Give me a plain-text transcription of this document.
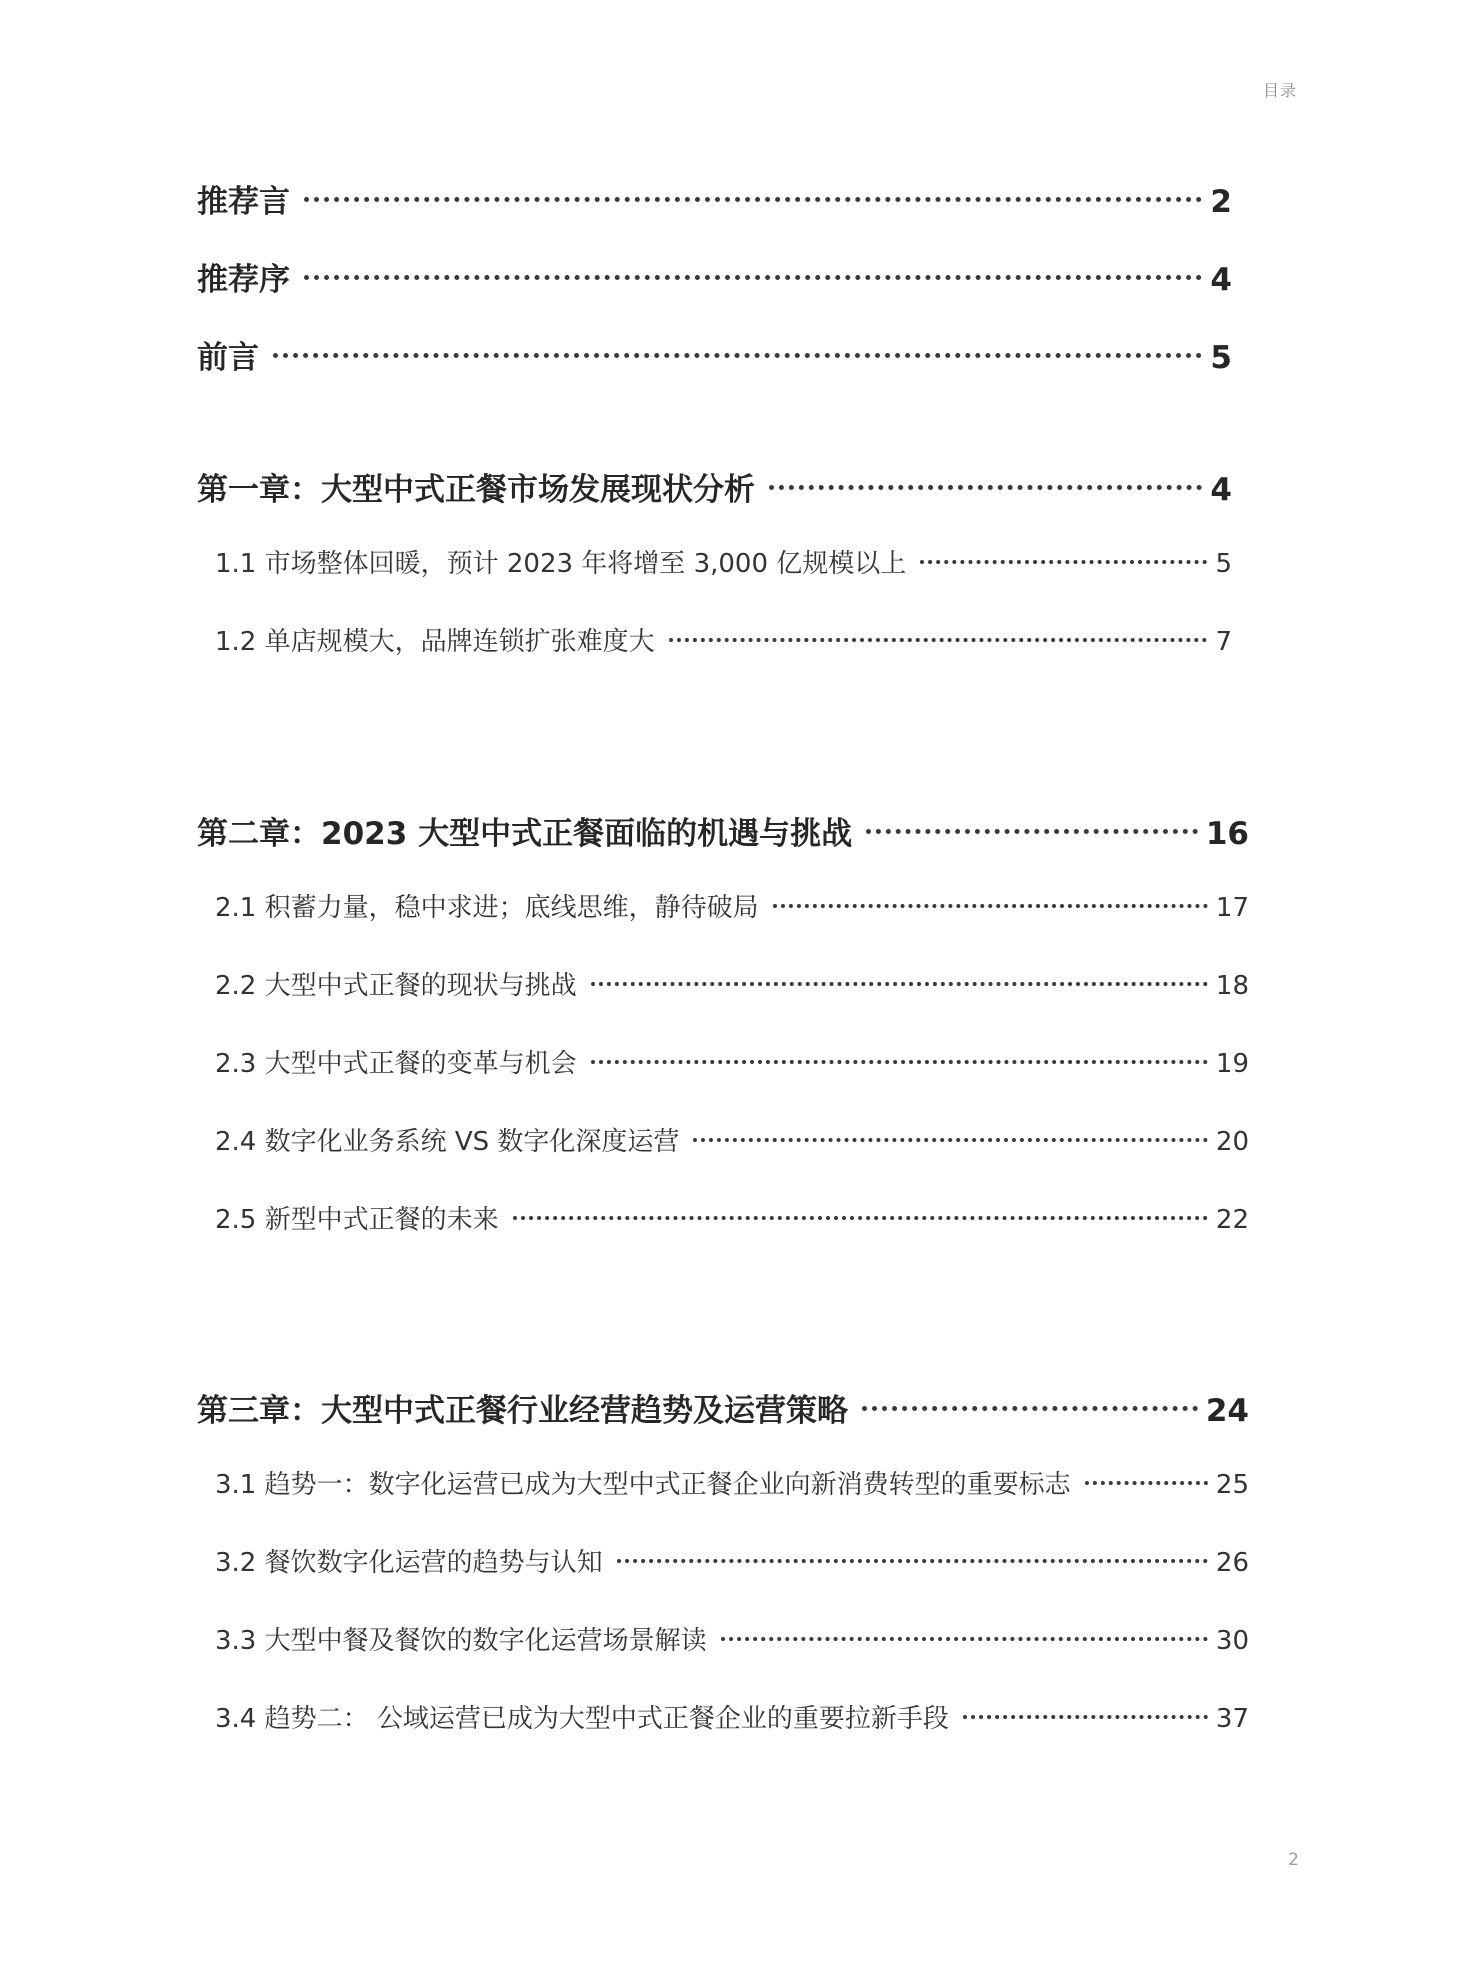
目录
推荐言	2
推荐序	4
前言	5
第一章：大型中式正餐市场发展现状分析	4
1.1 市场整体回暖，预计 2023 年将增至 3,000 亿规模以上	5
1.2 单店规模大，品牌连锁扩张难度大	7
第二章：2023 大型中式正餐面临的机遇与挑战	16
2.1 积蓄力量，稳中求进；底线思维，静待破局	17
2.2 大型中式正餐的现状与挑战	18
2.3 大型中式正餐的变革与机会	19
2.4 数字化业务系统 VS 数字化深度运营	20
2.5 新型中式正餐的未来	22
第三章：大型中式正餐行业经营趋势及运营策略	24
3.1 趋势一：数字化运营已成为大型中式正餐企业向新消费转型的重要标志	25
3.2 餐饮数字化运营的趋势与认知	26
3.3 大型中餐及餐饮的数字化运营场景解读	30
3.4 趋势二： 公域运营已成为大型中式正餐企业的重要拉新手段	37
2
